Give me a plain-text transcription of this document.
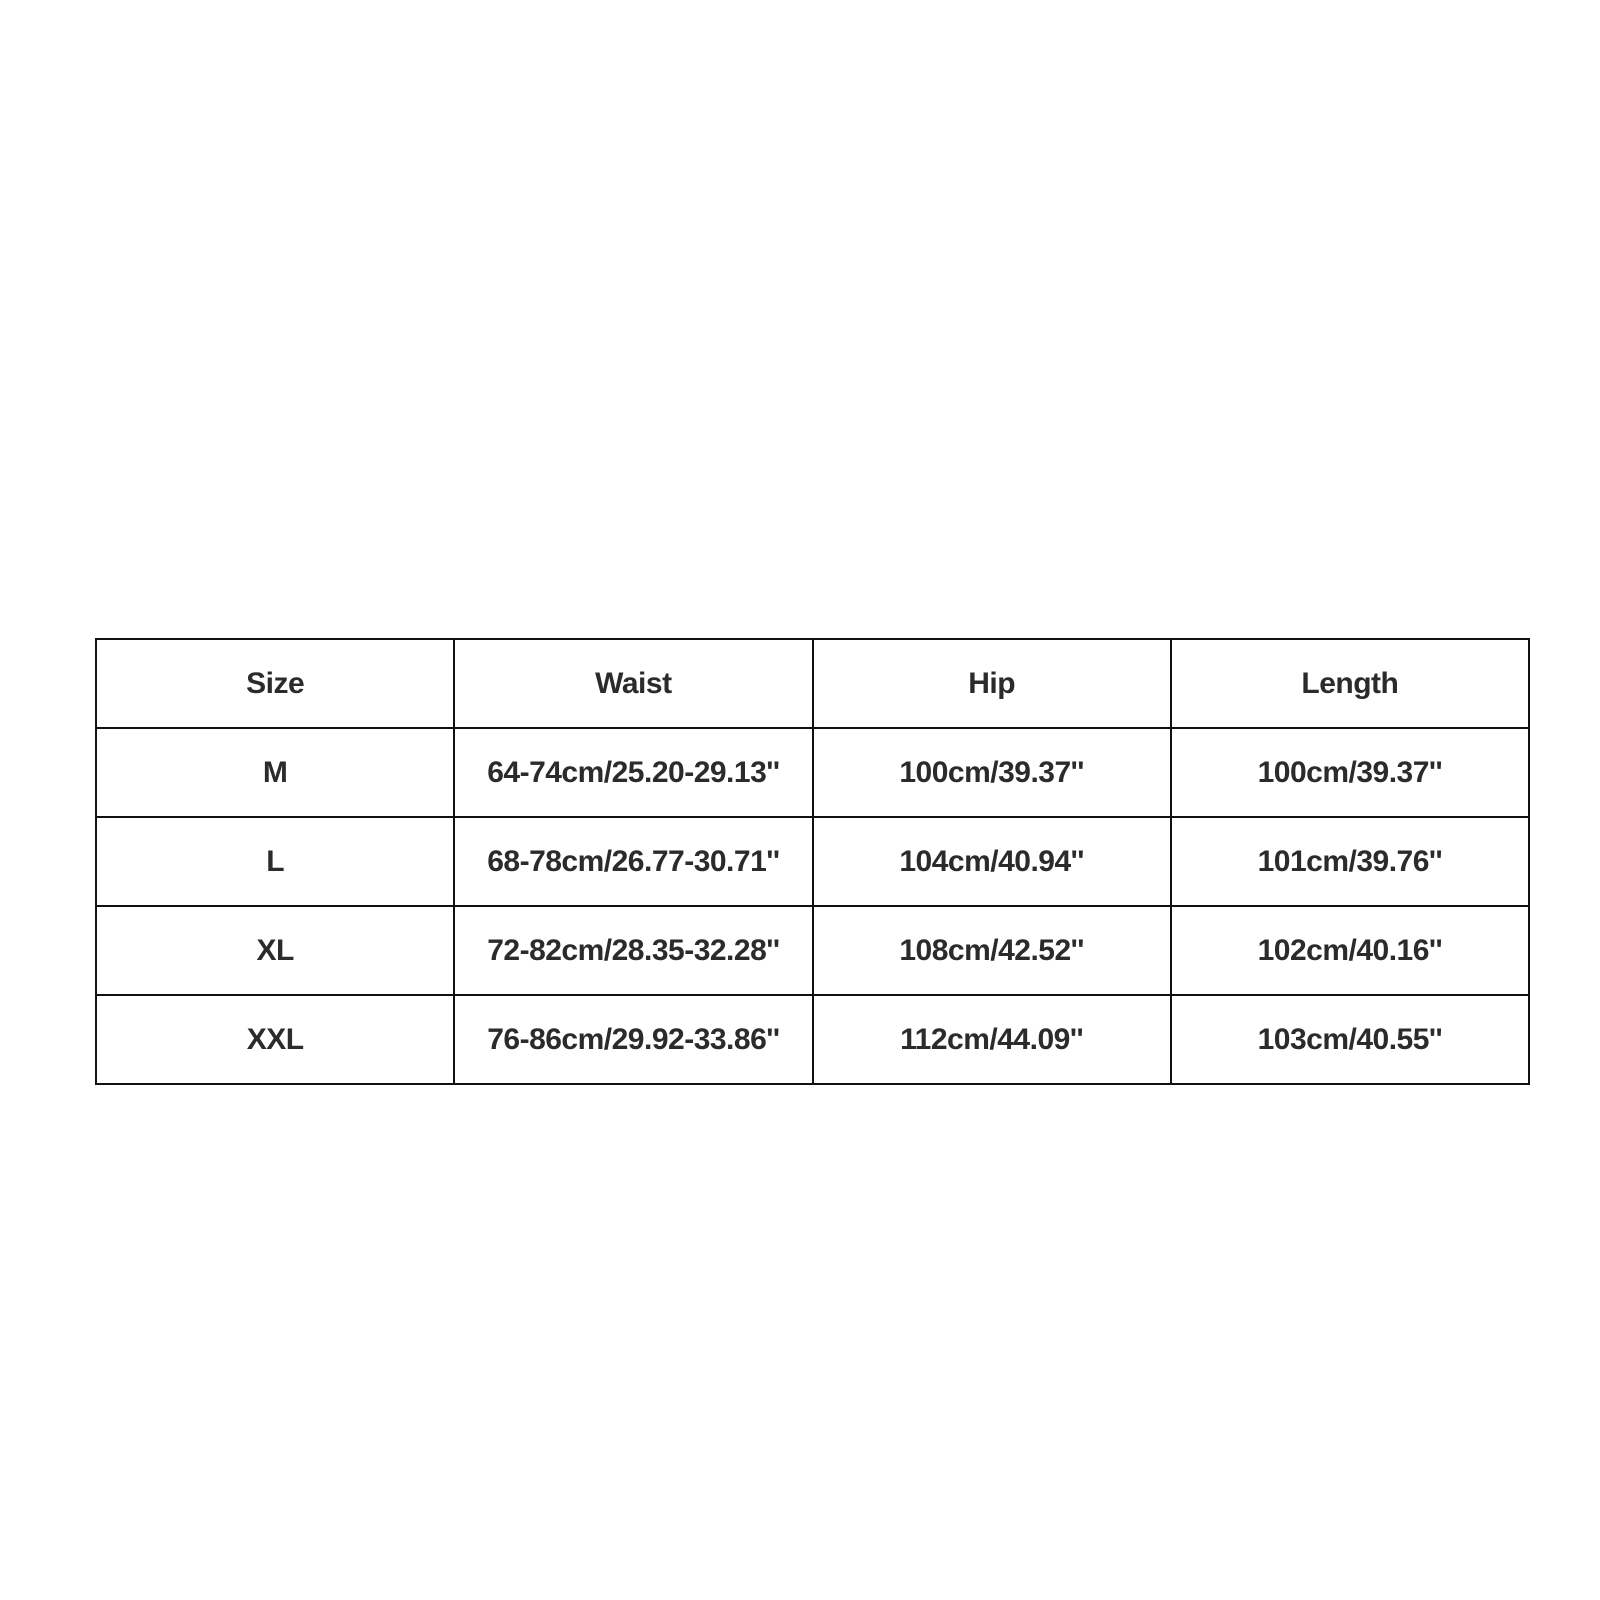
Size	Waist	Hip	Length
M	64-74cm/25.20-29.13''	100cm/39.37''	100cm/39.37''
L	68-78cm/26.77-30.71''	104cm/40.94''	101cm/39.76''
XL	72-82cm/28.35-32.28''	108cm/42.52''	102cm/40.16''
XXL	76-86cm/29.92-33.86''	112cm/44.09''	103cm/40.55''
